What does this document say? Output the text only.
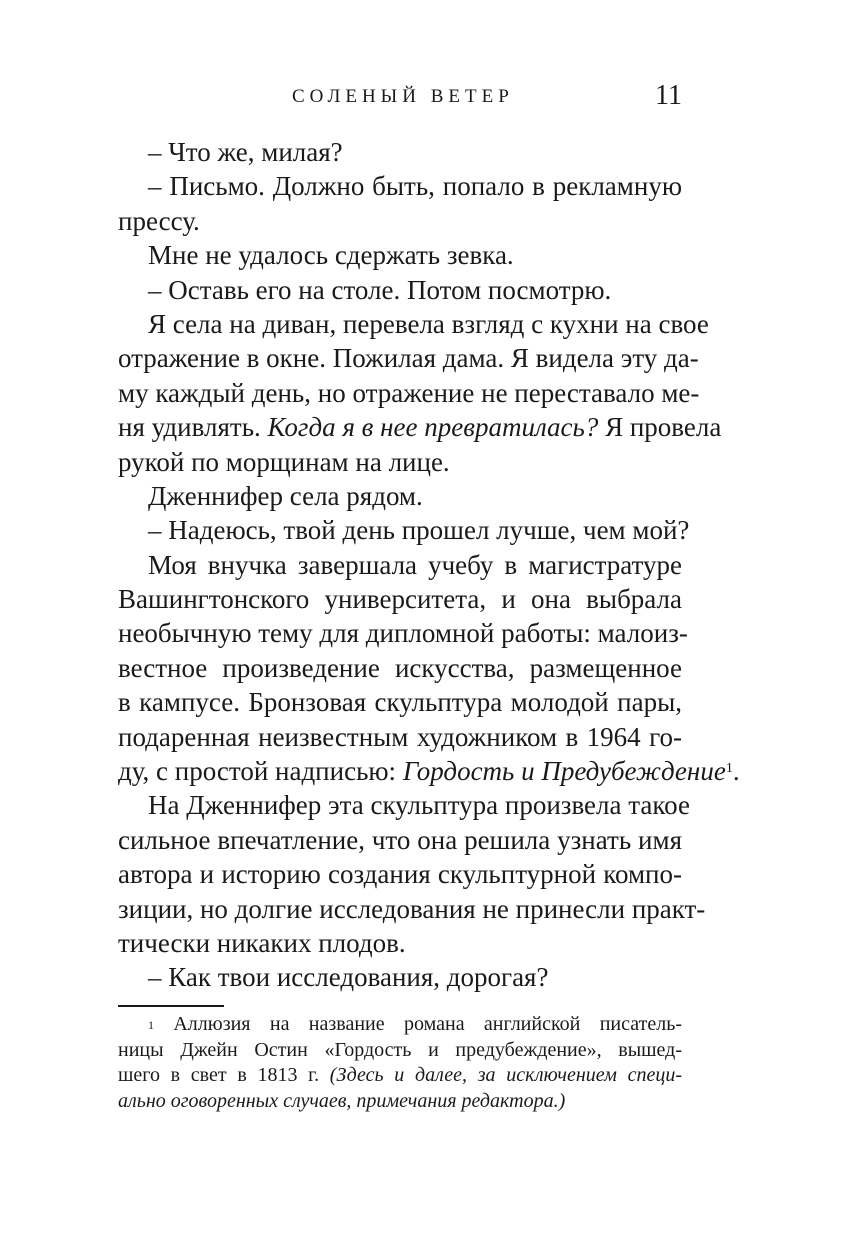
СОЛЕНЫЙ ВЕТЕР	11
– Что же, милая?
– Письмо. Должно быть, попало в рекламную
прессу.
Мне не удалось сдержать зевка.
– Оставь его на столе. Потом посмотрю.
Я села на диван, перевела взгляд с кухни на свое
отражение в окне. Пожилая дама. Я видела эту да-
му каждый день, но отражение не переставало ме-
ня удивлять. Когда я в нее превратилась? Я провела
рукой по морщинам на лице.
Дженнифер села рядом.
– Надеюсь, твой день прошел лучше, чем мой?
Моя внучка завершала учебу в магистратуре
Вашингтонского университета, и она выбрала
необычную тему для дипломной работы: малоиз-
вестное произведение искусства, размещенное
в кампусе. Бронзовая скульптура молодой пары,
подаренная неизвестным художником в 1964 го-
ду, с простой надписью: Гордость и Предубеждение$^1$.
На Дженнифер эта скульптура произвела такое
сильное впечатление, что она решила узнать имя
автора и историю создания скульптурной компо-
зиции, но долгие исследования не принесли практ-
тически никаких плодов.
– Как твои исследования, дорогая?
$^1$ Аллюзия на название романа английской писатель-
ницы Джейн Остин «Гордость и предубеждение», вышед-
шего в свет в 1813 г. (Здесь и далее, за исключением специ-
ально оговоренных случаев, примечания редактора.)
